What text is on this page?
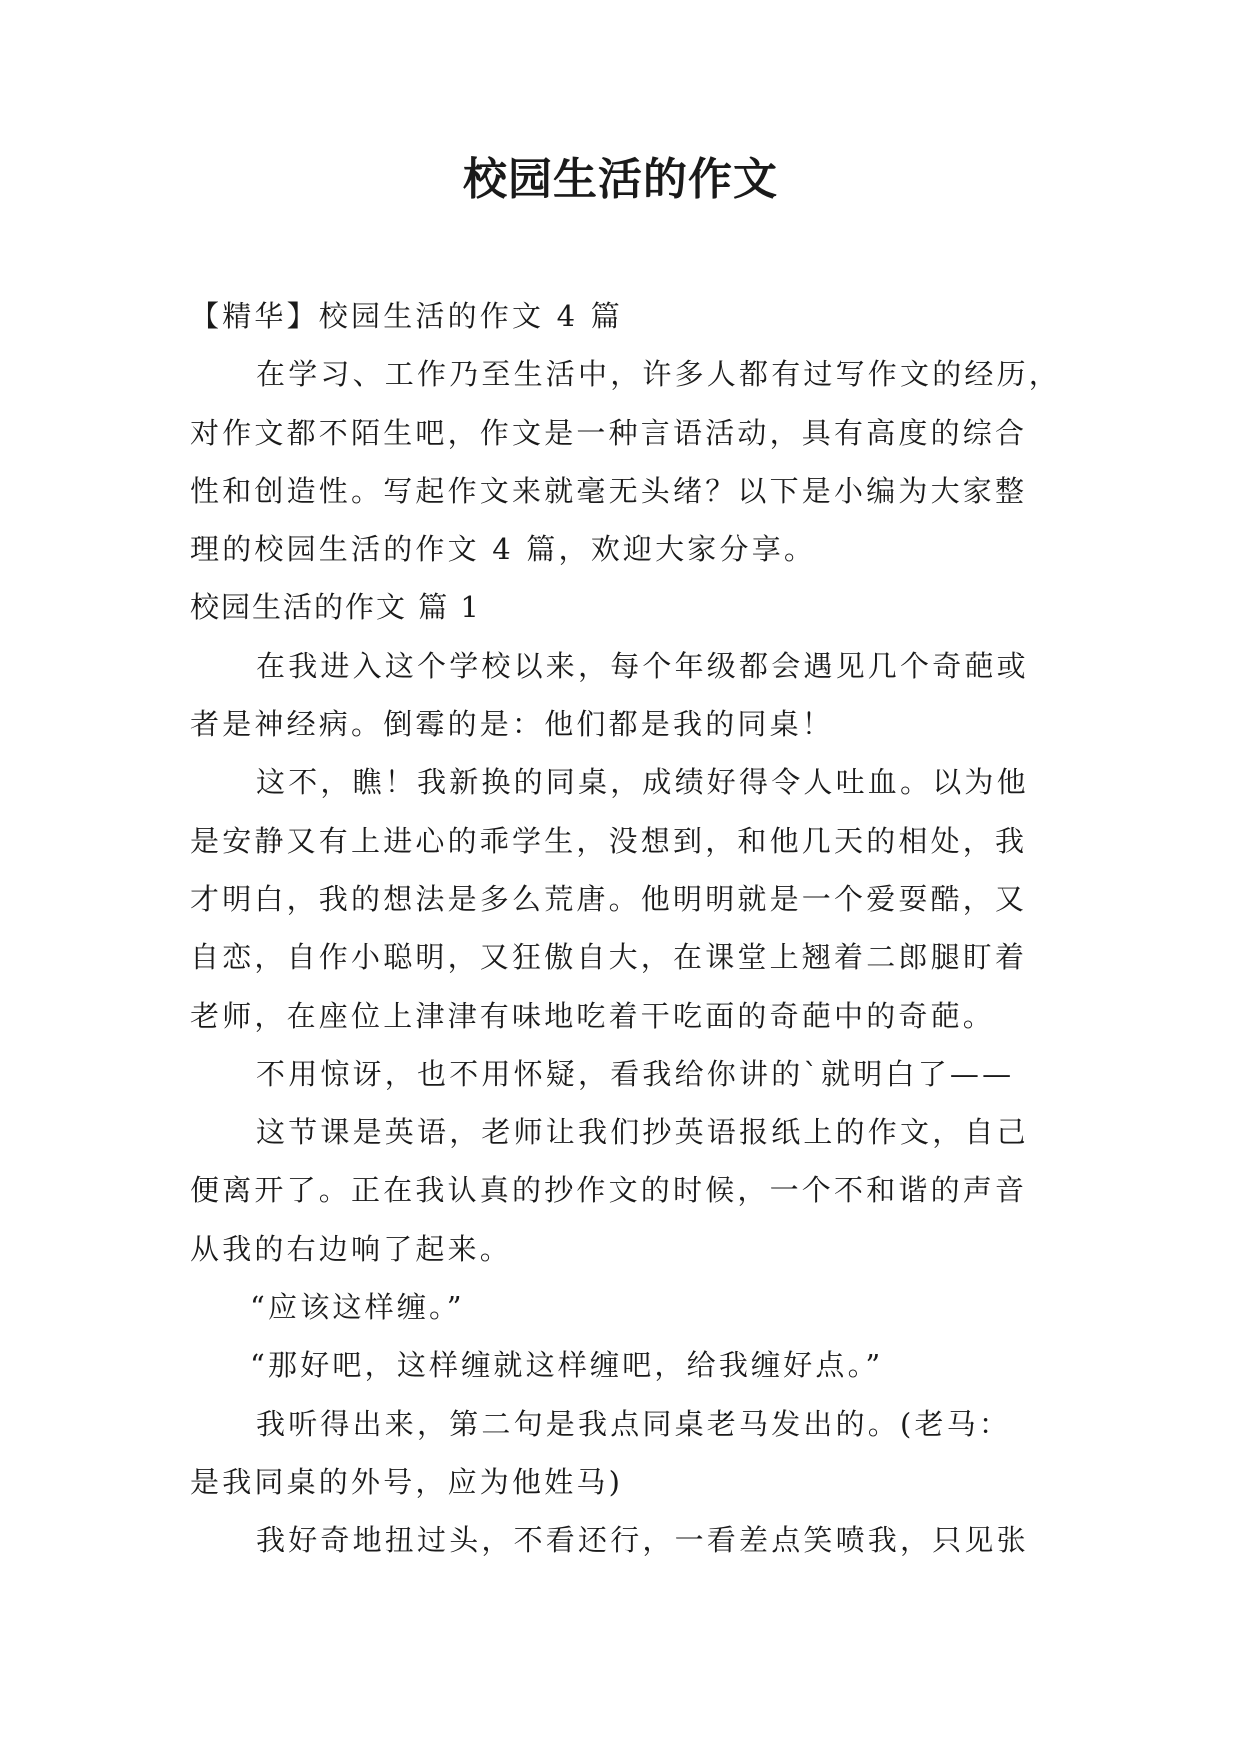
校园生活的作文

【精华】校园生活的作文 4 篇

在学习、工作乃至生活中，许多人都有过写作文的经历，

对作文都不陌生吧，作文是一种言语活动，具有高度的综合

性和创造性。写起作文来就毫无头绪？以下是小编为大家整

理的校园生活的作文 4 篇，欢迎大家分享。

校园生活的作文 篇 1

在我进入这个学校以来，每个年级都会遇见几个奇葩或

者是神经病。倒霉的是：他们都是我的同桌！

这不，瞧！我新换的同桌，成绩好得令人吐血。以为他

是安静又有上进心的乖学生，没想到，和他几天的相处，我

才明白，我的想法是多么荒唐。他明明就是一个爱耍酷，又

自恋，自作小聪明，又狂傲自大，在课堂上翘着二郎腿盯着

老师，在座位上津津有味地吃着干吃面的奇葩中的奇葩。

不用惊讶，也不用怀疑，看我给你讲的`就明白了——

这节课是英语，老师让我们抄英语报纸上的作文，自己

便离开了。正在我认真的抄作文的时候，一个不和谐的声音

从我的右边响了起来。

“应该这样缠。”

“那好吧，这样缠就这样缠吧，给我缠好点。”

我听得出来，第二句是我点同桌老马发出的。(老马：

是我同桌的外号，应为他姓马)

我好奇地扭过头，不看还行，一看差点笑喷我，只见张
